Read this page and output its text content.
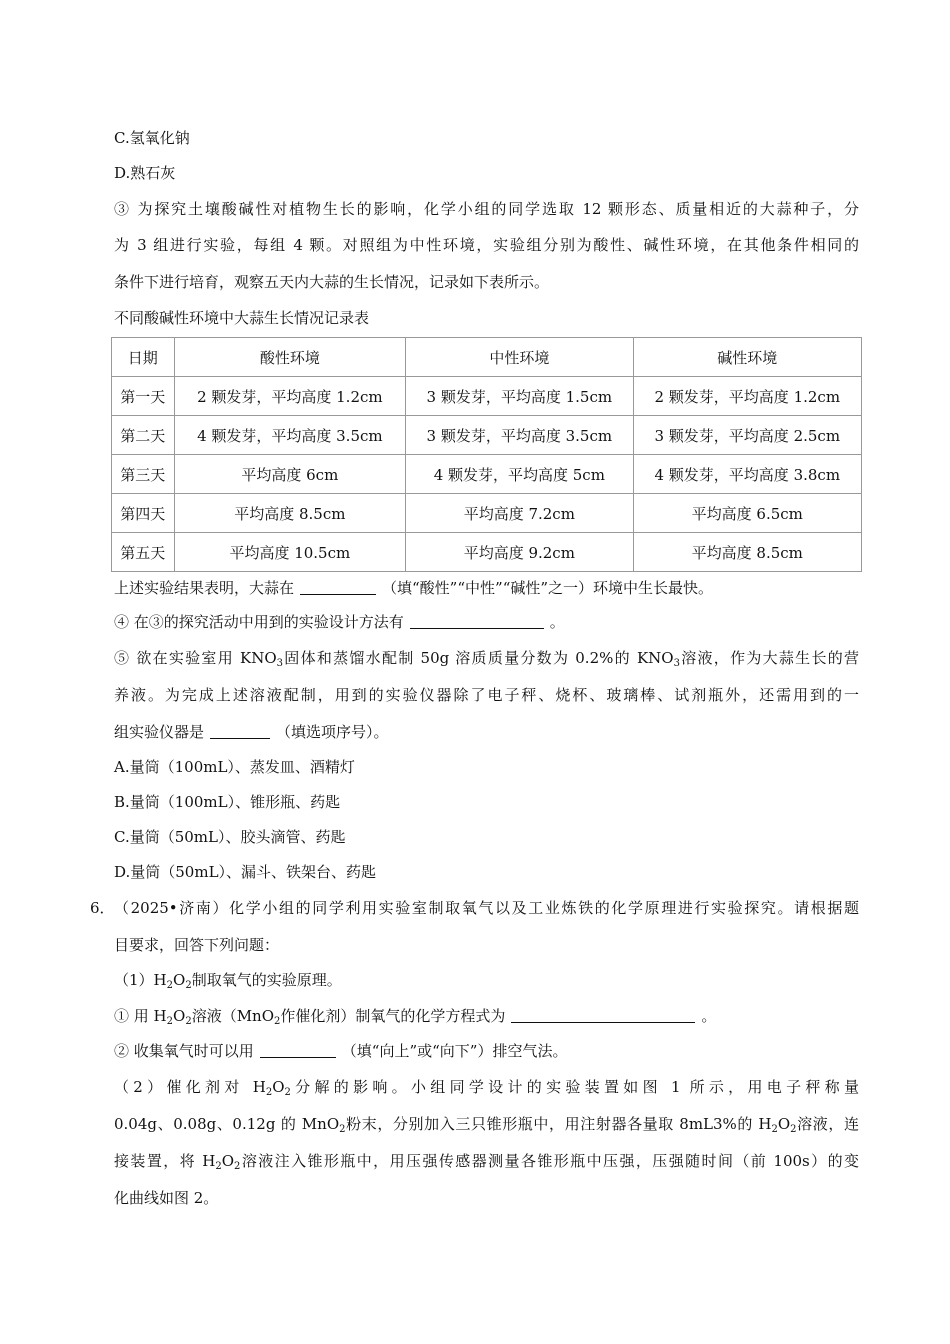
C.氢氧化钠
D.熟石灰
③ 为探究土壤酸碱性对植物生长的影响，化学小组的同学选取 12 颗形态、质量相近的大蒜种子，分
为 3 组进行实验，每组 4 颗。对照组为中性环境，实验组分别为酸性、碱性环境，在其他条件相同的
条件下进行培育，观察五天内大蒜的生长情况，记录如下表所示。
不同酸碱性环境中大蒜生长情况记录表
日期	酸性环境	中性环境	碱性环境
第一天	2 颗发芽，平均高度 1.2cm	3 颗发芽，平均高度 1.5cm	2 颗发芽，平均高度 1.2cm
第二天	4 颗发芽，平均高度 3.5cm	3 颗发芽，平均高度 3.5cm	3 颗发芽，平均高度 2.5cm
第三天	平均高度 6cm	4 颗发芽，平均高度 5cm	4 颗发芽，平均高度 3.8cm
第四天	平均高度 8.5cm	平均高度 7.2cm	平均高度 6.5cm
第五天	平均高度 10.5cm	平均高度 9.2cm	平均高度 8.5cm
上述实验结果表明，大蒜在	（填“酸性”“中性”“碱性”之一）环境中生长最快。
④ 在③的探究活动中用到的实验设计方法有	。
⑤ 欲在实验室用 $KNO_3$固体和蒸馏水配制 50g 溶质质量分数为 0.2%的 $KNO_3$溶液，作为大蒜生长的营
养液。为完成上述溶液配制，用到的实验仪器除了电子秤、烧杯、玻璃棒、试剂瓶外，还需用到的一
组实验仪器是	（填选项序号）。
A.量筒（100mL）、蒸发皿、酒精灯
B.量筒（100mL）、锥形瓶、药匙
C.量筒（50mL）、胶头滴管、药匙
D.量筒（50mL）、漏斗、铁架台、药匙
6． （2025•济南）化学小组的同学利用实验室制取氧气以及工业炼铁的化学原理进行实验探究。请根据题
目要求，回答下列问题：
$(1)H_2O_2$制取氧气的实验原理。
① 用 $H_2O_2$溶液（MnO$_2$作催化剂）制氧气的化学方程式为	。
② 收集氧气时可以用	（填“向上”或“向下”）排空气法。
（2）催化剂对 $H_2O_2$分解的影响。小组同学设计的实验装置如图 1 所示，用电子秤称量
0.04g、0.08g、0.12g 的 MnO$_2$粉末，分别加入三只锥形瓶中，用注射器各量取 8mL3%的 $H_2O_2$溶液，连
接装置，将 $H_2O_2$溶液注入锥形瓶中，用压强传感器测量各锥形瓶中压强，压强随时间（前 100s）的变
化曲线如图 2。
